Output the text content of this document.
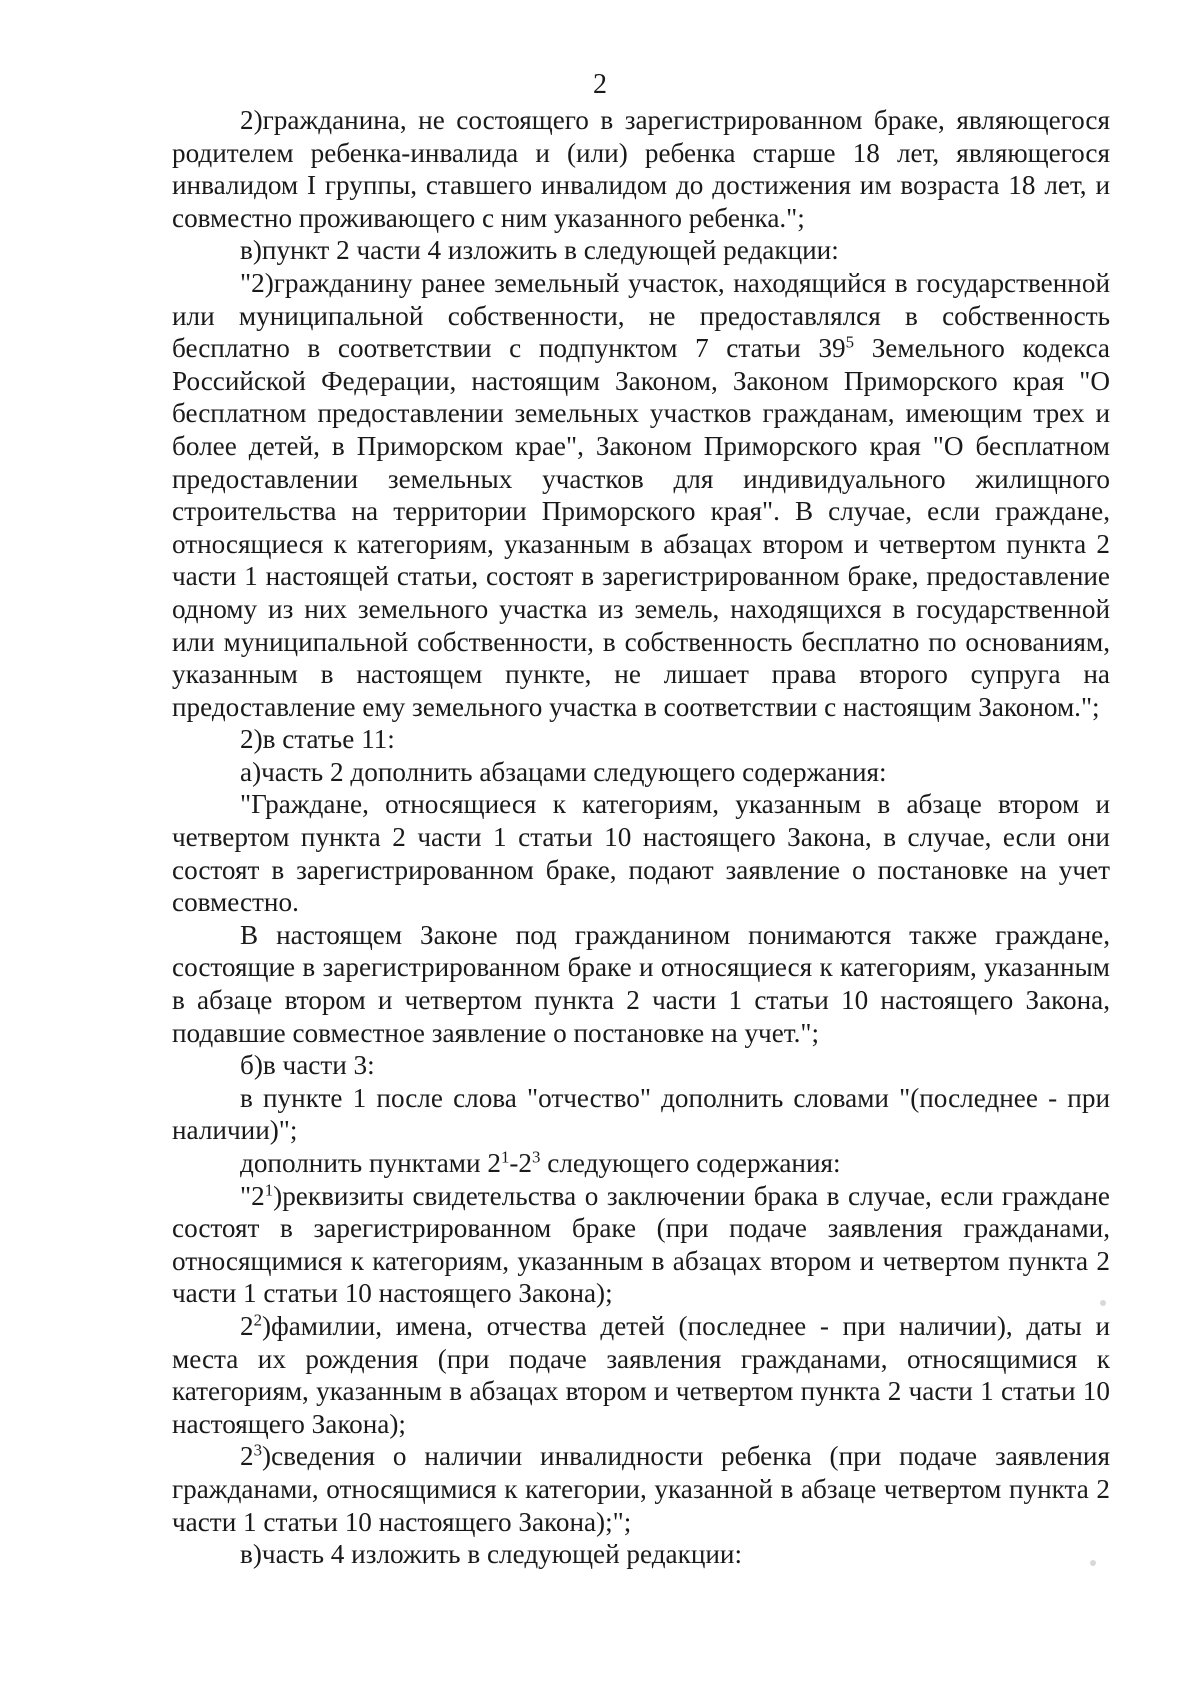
2

2)гражданина, не состоящего в зарегистрированном браке, являющегося родителем ребенка-инвалида и (или) ребенка старше 18 лет, являющегося инвалидом I группы, ставшего инвалидом до достижения им возраста 18 лет, и совместно проживающего с ним указанного ребенка.";

в)пункт 2 части 4 изложить в следующей редакции:

"2)гражданину ранее земельный участок, находящийся в государственной или муниципальной собственности, не предоставлялся в собственность бесплатно в соответствии с подпунктом 7 статьи $39^5$ Земельного кодекса Российской Федерации, настоящим Законом, Законом Приморского края "О бесплатном предоставлении земельных участков гражданам, имеющим трех и более детей, в Приморском крае", Законом Приморского края "О бесплатном предоставлении земельных участков для индивидуального жилищного строительства на территории Приморского края". В случае, если граждане, относящиеся к категориям, указанным в абзацах втором и четвертом пункта 2 части 1 настоящей статьи, состоят в зарегистрированном браке, предоставление одному из них земельного участка из земель, находящихся в государственной или муниципальной собственности, в собственность бесплатно по основаниям, указанным в настоящем пункте, не лишает права второго супруга на предоставление ему земельного участка в соответствии с настоящим Законом.";

2)в статье 11:

а)часть 2 дополнить абзацами следующего содержания:

"Граждане, относящиеся к категориям, указанным в абзаце втором и четвертом пункта 2 части 1 статьи 10 настоящего Закона, в случае, если они состоят в зарегистрированном браке, подают заявление о постановке на учет совместно.

В настоящем Законе под гражданином понимаются также граждане, состоящие в зарегистрированном браке и относящиеся к категориям, указанным в абзаце втором и четвертом пункта 2 части 1 статьи 10 настоящего Закона, подавшие совместное заявление о постановке на учет.";

б)в части 3:

в пункте 1 после слова "отчество" дополнить словами "(последнее - при наличии)";

дополнить пунктами $2^1-2^3$ следующего содержания:

"$2^1)реквизиты$ свидетельства о заключении брака в случае, если граждане состоят в зарегистрированном браке (при подаче заявления гражданами, относящимися к категориям, указанным в абзацах втором и четвертом пункта 2 части 1 статьи 10 настоящего Закона);

$2^2)фамилии$, имена, отчества детей (последнее - при наличии), даты и места их рождения (при подаче заявления гражданами, относящимися к категориям, указанным в абзацах втором и четвертом пункта 2 части 1 статьи 10 настоящего Закона);

$2^3)сведения$ о наличии инвалидности ребенка (при подаче заявления гражданами, относящимися к категории, указанной в абзаце четвертом пункта 2 части 1 статьи 10 настоящего Закона);";

в)часть 4 изложить в следующей редакции:
